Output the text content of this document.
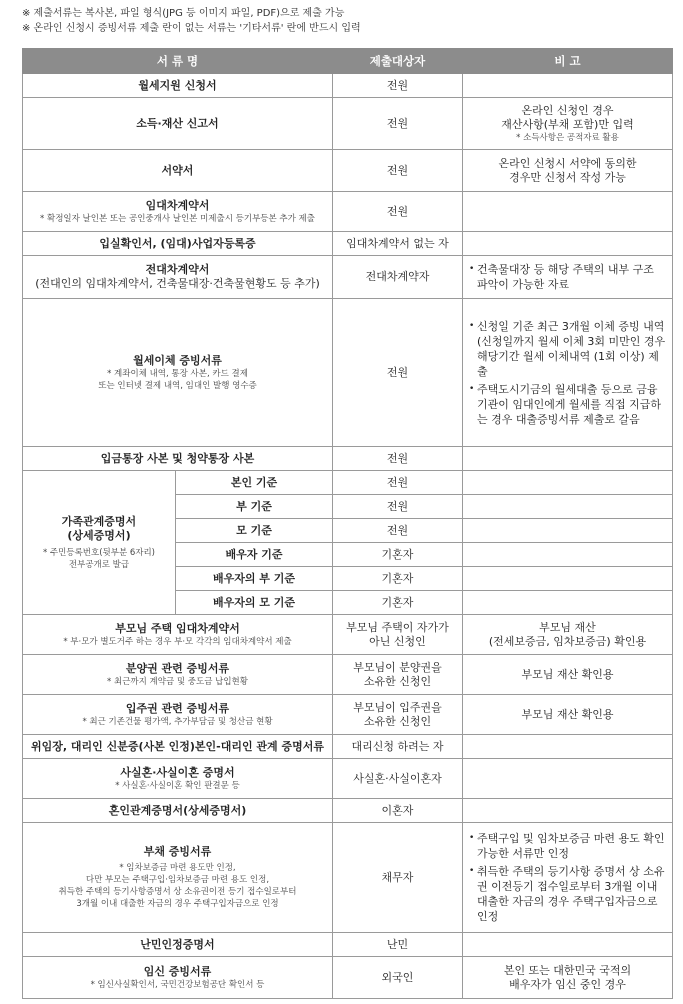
※ 제출서류는 복사본, 파일 형식(JPG 등 이미지 파일, PDF)으로 제출 가능
※ 온라인 신청시 증빙서류 제출 란이 없는 서류는 '기타서류' 란에 반드시 입력
서 류 명		제출대상자	비 고

월세지원 신청서		전원	

소득·재산 신고서		전원	온라인 신청인 경우
재산사항(부채 포함)만 입력
* 소득사항은 공적자료 활용

서약서		전원	온라인 신청시 서약에 동의한
경우만 신청서 작성 가능

임대차계약서
* 확정일자 날인본 또는 공인중개사 날인본 미제출시 등기부등본 추가 제출		전원	

입실확인서, (임대)사업자등록증		임대차계약서 없는 자	

전대차계약서
(전대인의 임대차계약서, 건축물대장·건축물현황도 등 추가)		전대차계약자	• 건축물대장 등 해당 주택의 내부 구조 파악이 가능한 자료

월세이체 증빙서류
* 계좌이체 내역, 통장 사본, 카드 결제
또는 인터넷 결제 내역, 임대인 발행 영수증		전원	• 신청일 기준 최근 3개월 이체 증빙 내역(신청일까지 월세 이체 3회 미만인 경우 해당기간 월세 이체내역 (1회 이상) 제출
• 주택도시기금의 월세대출 등으로 금융기관이 임대인에게 월세를 직접 지급하는 경우 대출증빙서류 제출로 갈음

입금통장 사본 및 청약통장 사본		전원	

가족관계증명서
(상세증명서)
* 주민등록번호(뒷부분 6자리)
전부공개로 발급	본인 기준	전원	

	부 기준	전원	

	모 기준	전원	

	배우자 기준	기혼자	

	배우자의 부 기준	기혼자	

	배우자의 모 기준	기혼자	

부모님 주택 임대차계약서
* 부·모가 별도거주 하는 경우 부·모 각각의 임대차계약서 제출		부모님 주택이 자가가
아닌 신청인	부모님 재산
(전세보증금, 임차보증금) 확인용

분양권 관련 증빙서류
* 최근까지 계약금 및 중도금 납입현황		부모님이 분양권을
소유한 신청인	부모님 재산 확인용

입주권 관련 증빙서류
* 최근 기존건물 평가액, 추가부담금 및 청산금 현황		부모님이 입주권을
소유한 신청인	부모님 재산 확인용

위임장, 대리인 신분증(사본 인정)본인-대리인 관계 증명서류		대리신청 하려는 자	

사실혼·사실이혼 증명서
* 사실혼·사실이혼 확인 판결문 등		사실혼·사실이혼자	

혼인관계증명서(상세증명서)		이혼자	

부채 증빙서류
* 임차보증금 마련 용도만 인정,
다만 부모는 주택구입·임차보증금 마련 용도 인정,
취득한 주택의 등기사항증명서 상 소유권이전 등기 접수일로부터
3개월 이내 대출한 자금의 경우 주택구입자금으로 인정		채무자	• 주택구입 및 임차보증금 마련 용도 확인 가능한 서류만 인정
• 취득한 주택의 등기사항 증명서 상 소유권 이전등기 접수일로부터 3개월 이내 대출한 자금의 경우 주택구입자금으로 인정

난민인정증명서		난민	

임신 증빙서류
* 임신사실확인서, 국민건강보험공단 확인서 등		외국인	본인 또는 대한민국 국적의
배우자가 임신 중인 경우
